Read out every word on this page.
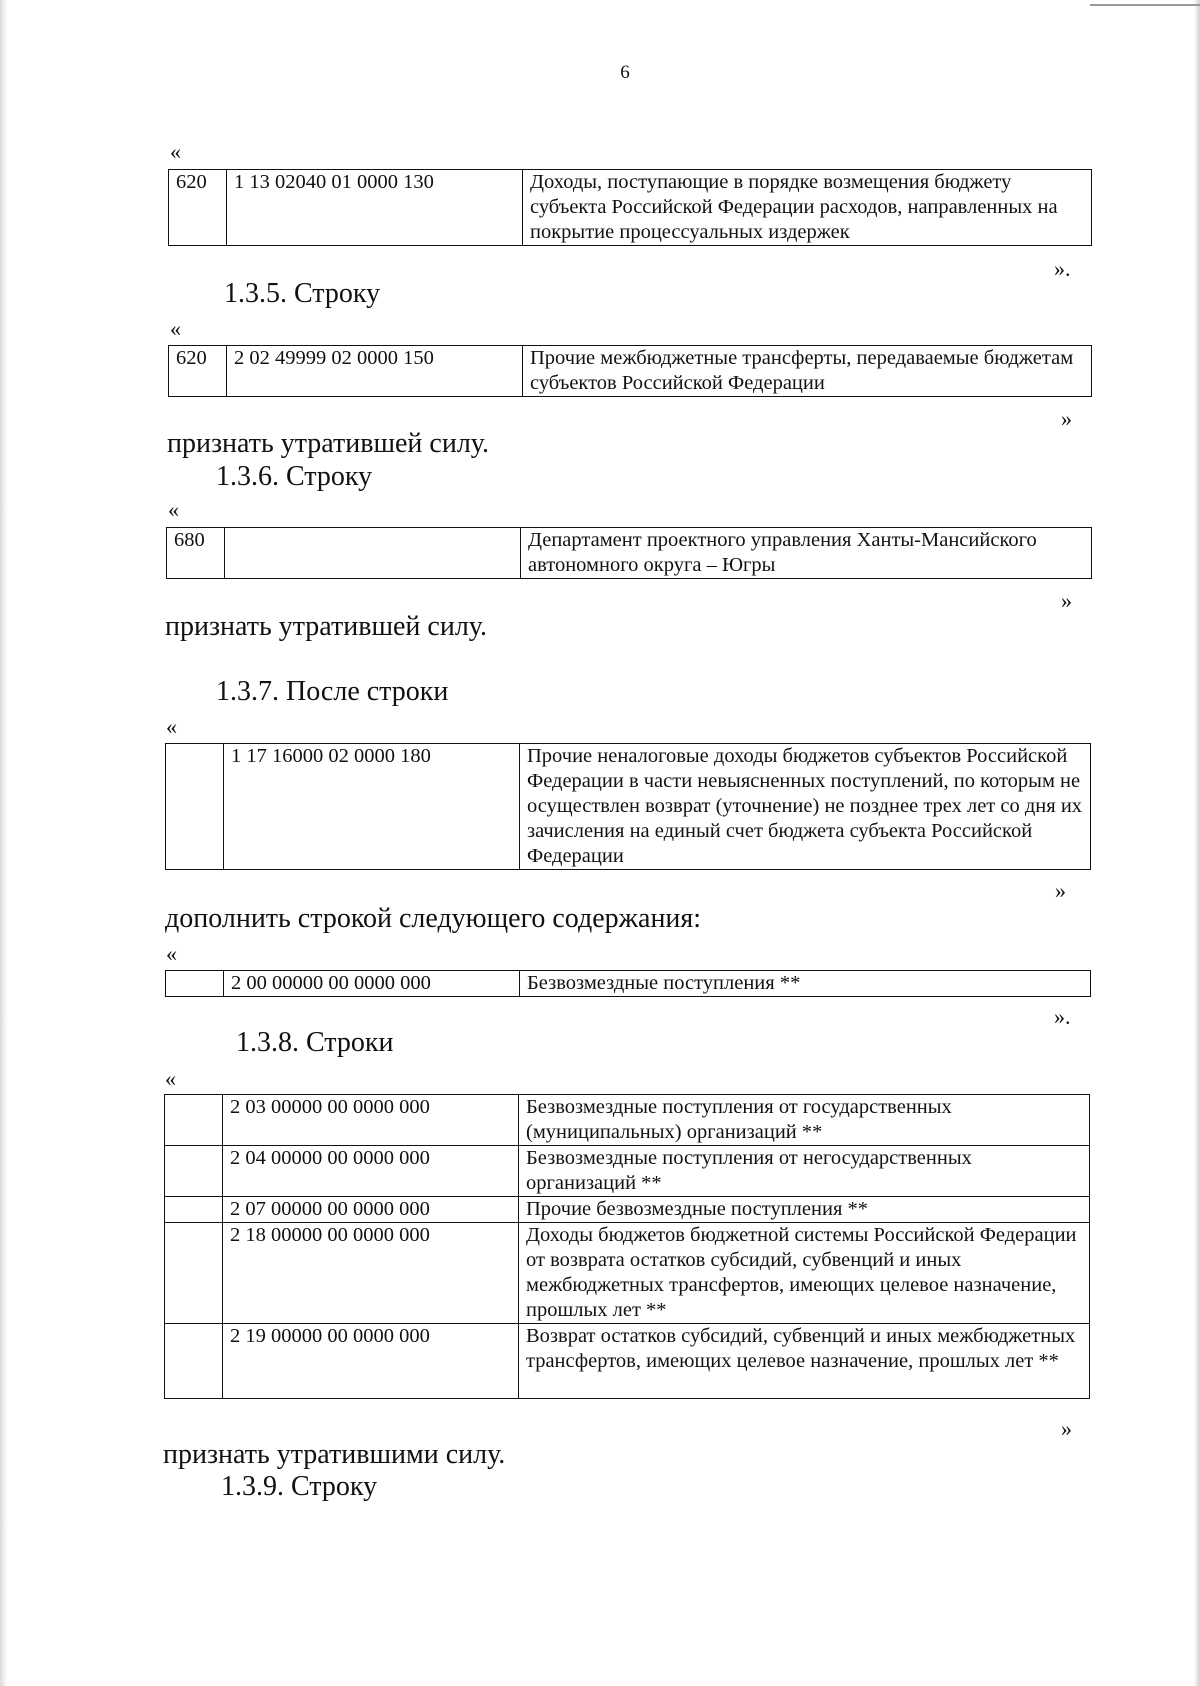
6
«
620	1 13 02040 01 0000 130	Доходы, поступающие в порядке возмещения бюджету субъекта Российской Федерации расходов, направленных на покрытие процессуальных издержек
».
1.3.5. Строку
«
620	2 02 49999 02 0000 150	Прочие межбюджетные трансферты, передаваемые бюджетам субъектов Российской Федерации
»
признать утратившей силу.
1.3.6. Строку
«
680		Департамент проектного управления Ханты-Мансийского автономного округа – Югры
»
признать утратившей силу.
1.3.7. После строки
«
	1 17 16000 02 0000 180	Прочие неналоговые доходы бюджетов субъектов Российской Федерации в части невыясненных поступлений, по которым не осуществлен возврат (уточнение) не позднее трех лет со дня их зачисления на единый счет бюджета субъекта Российской Федерации
»
дополнить строкой следующего содержания:
«
	2 00 00000 00 0000 000	Безвозмездные поступления **
».
1.3.8. Строки
«
	2 03 00000 00 0000 000	Безвозмездные поступления от государственных (муниципальных) организаций **
	2 04 00000 00 0000 000	Безвозмездные поступления от негосударственных организаций **
	2 07 00000 00 0000 000	Прочие безвозмездные поступления **
	2 18 00000 00 0000 000	Доходы бюджетов бюджетной системы Российской Федерации от возврата остатков субсидий, субвенций и иных межбюджетных трансфертов, имеющих целевое назначение, прошлых лет **
	2 19 00000 00 0000 000	Возврат остатков субсидий, субвенций и иных межбюджетных трансфертов, имеющих целевое назначение, прошлых лет **
»
признать утратившими силу.
1.3.9. Строку
